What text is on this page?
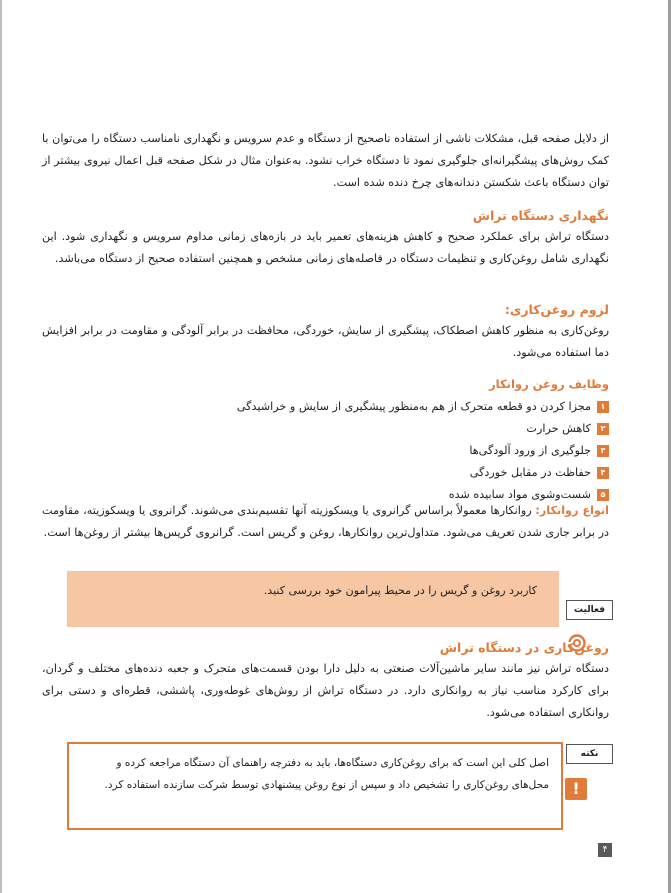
از دلایل صفحه قبل، مشکلات ناشی از استفاده ناصحیح از دستگاه و عدم سرویس و نگهداری نامناسب دستگاه را می‌توان با کمک روش‌های پیشگیرانه‌ای جلوگیری نمود تا دستگاه خراب نشود. به‌عنوان مثال در شکل صفحه قبل اعمال نیروی بیشتر از توان دستگاه باعث شکستن دندانه‌های چرخ دنده شده است.

نگهداری دستگاه تراش

دستگاه تراش برای عملکرد صحیح و کاهش هزینه‌های تعمیر باید در بازه‌های زمانی مداوم سرویس و نگهداری شود. این نگهداری شامل روغن‌کاری و تنظیمات دستگاه در فاصله‌های زمانی مشخص و همچنین استفاده صحیح از دستگاه می‌باشد.

لزوم روغن‌کاری:

روغن‌کاری به منظور کاهش اصطکاک، پیشگیری از سایش، خوردگی، محافظت در برابر آلودگی و مقاومت در برابر افزایش دما استفاده می‌شود.

وظایف روغن روانکار
۱
مجزا کردن دو قطعه متحرک از هم به‌منظور پیشگیری از سایش و خراشیدگی
۲
کاهش حرارت
۳
جلوگیری از ورود آلودگی‌ها
۴
حفاظت در مقابل خوردگی
۵
شست‌وشوی مواد سابیده شده

انواع روانکار: روانکارها معمولاً براساس گرانروی یا ویسکوزیته آنها تقسیم‌بندی می‌شوند. گرانروی یا ویسکوزیته، مقاومت در برابر جاری شدن تعریف می‌شود. متداول‌ترین روانکارها، روغن و گریس است. گرانروی گریس‌ها بیشتر از روغن‌ها است.

فعالیت

کاربرد روغن و گریس را در محیط پیرامون خود بررسی کنید.

روغن‌کاری در دستگاه تراش

دستگاه تراش نیز مانند سایر ماشین‌آلات صنعتی به دلیل دارا بودن قسمت‌های متحرک و جعبه دنده‌های مختلف و گردان، برای کارکرد مناسب نیاز به روانکاری دارد. در دستگاه تراش از روش‌های غوطه‌وری، پاششی، قطره‌ای و دستی برای روانکاری استفاده می‌شود.

نکته

اصل کلی این است که برای روغن‌کاری دستگاه‌ها، باید به دفترچه راهنمای آن دستگاه مراجعه کرده و محل‌های روغن‌کاری را تشخیص داد و سپس از نوع روغن پیشنهادی توسط شرکت سازنده استفاده کرد.	!
۴
